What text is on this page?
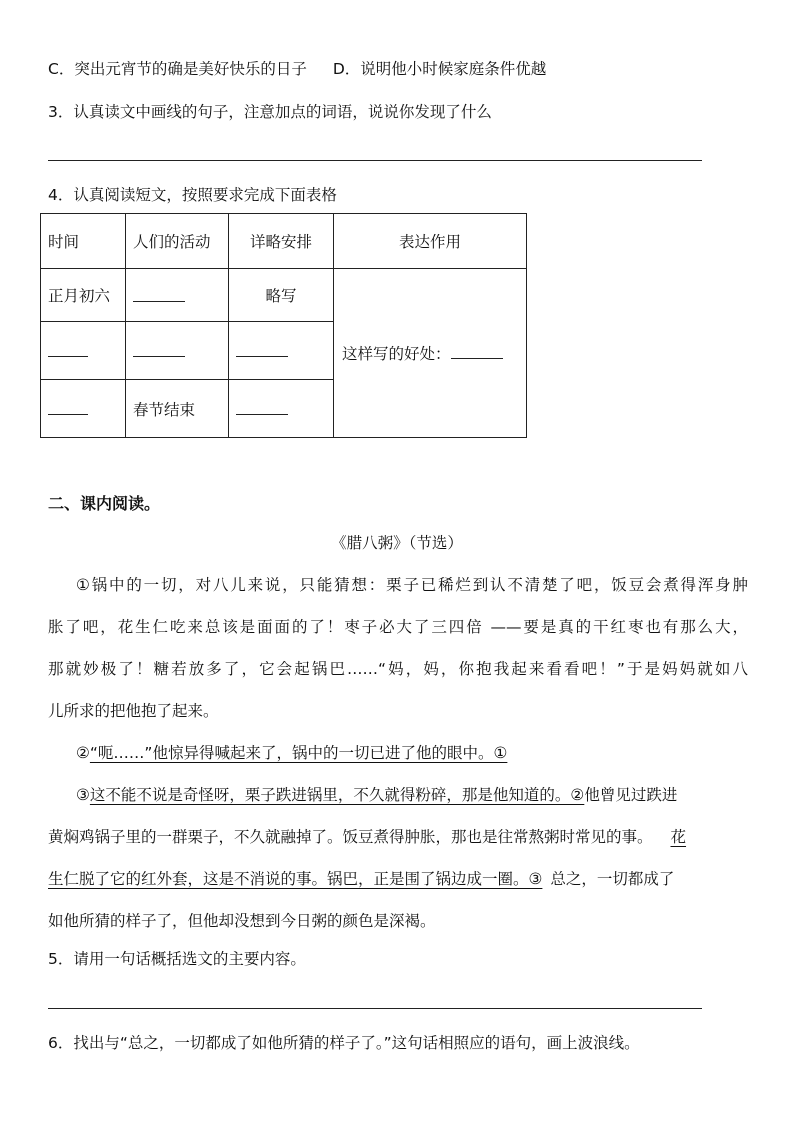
C．突出元宵节的确是美好快乐的日子 D．说明他小时候家庭条件优越
3．认真读文中画线的句子，注意加点的词语，说说你发现了什么
4．认真阅读短文，按照要求完成下面表格
时间	人们的活动	详略安排	表达作用
正月初六		略写	这样写的好处：

	春节结束		
二、课内阅读。
《腊八粥》（节选）
①锅中的一切，对八儿来说，只能猜想：栗子已稀烂到认不清楚了吧，饭豆会煮得浑身肿
胀了吧，花生仁吃来总该是面面的了！枣子必大了三四倍 ——要是真的干红枣也有那么大，
那就妙极了！糖若放多了，它会起锅巴……“妈，妈，你抱我起来看看吧！”于是妈妈就如八
儿所求的把他抱了起来。
②“呃……”他惊异得喊起来了，锅中的一切已进了他的眼中。①
③这不能不说是奇怪呀，栗子跌进锅里，不久就得粉碎，那是他知道的。②他曾见过跌进
黄焖鸡锅子里的一群栗子，不久就融掉了。饭豆煮得肿胀，那也是往常熬粥时常见的事。 花
生仁脱了它的红外套，这是不消说的事。锅巴，正是围了锅边成一圈。③ 总之，一切都成了
如他所猜的样子了，但他却没想到今日粥的颜色是深褐。
5．请用一句话概括选文的主要内容。
6．找出与“总之，一切都成了如他所猜的样子了。”这句话相照应的语句，画上波浪线。
